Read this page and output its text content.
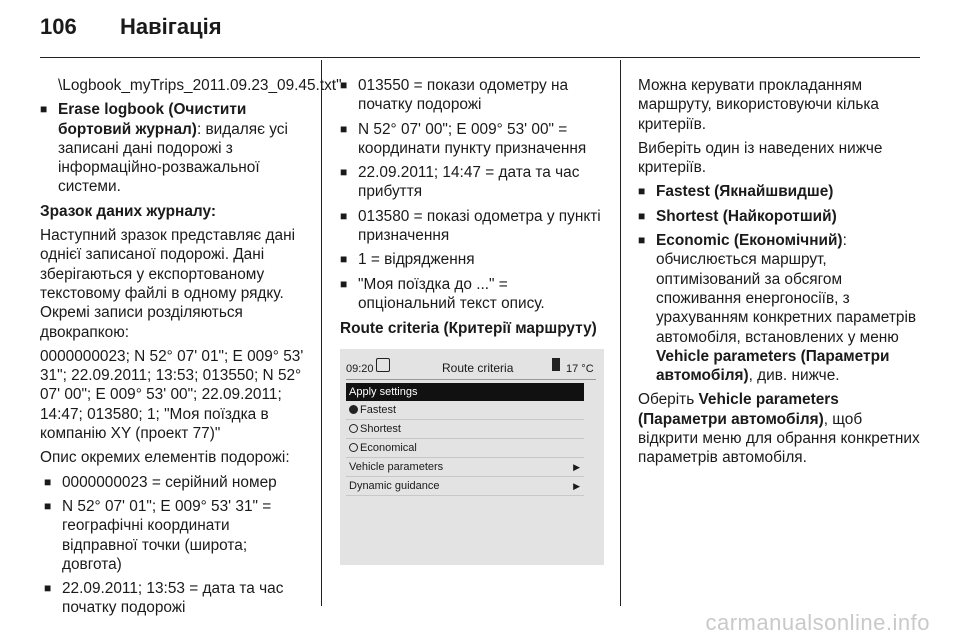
106 Навігація

\Logbook_myTrips_2011.09.23_09.45.txt"

■ Erase logbook (Очистити бортовий журнал): видаляє усі записані дані подорожі з інформаційно-розважальної системи.

Зразок даних журналу:

Наступний зразок представляє дані однієї записаної подорожі. Дані зберігаються у експортованому текстовому файлі в одному рядку. Окремі записи розділяються двокрапкою:

0000000023; N 52° 07' 01"; E 009° 53' 31"; 22.09.2011; 13:53; 013550; N 52° 07' 00"; E 009° 53' 00"; 22.09.2011; 14:47; 013580; 1; "Моя поїздка в компанію XY (проект 77)"

Опис окремих елементів подорожі:

■ 0000000023 = серійний номер
■ N 52° 07' 01"; E 009° 53' 31" = географічні координати відправної точки (широта; довгота)
■ 22.09.2011; 13:53 = дата та час початку подорожі
■ 013550 = покази одометру на початку подорожі
■ N 52° 07' 00"; E 009° 53' 00" = координати пункту призначення
■ 22.09.2011; 14:47 = дата та час прибуття
■ 013580 = показі одометра у пункті призначення
■ 1 = відрядження
■ "Моя поїздка до ..." = опціональний текст опису.
Route criteria (Критерії маршруту)
09:20	Route criteria	17 °C
Apply settings
Fastest
Shortest
Economical
Vehicle parameters	▶
Dynamic guidance	▶

Можна керувати прокладанням маршруту, використовуючи кілька критеріїв.

Виберіть один із наведених нижче критеріїв.

■ Fastest (Якнайшвидше)
■ Shortest (Найкоротший)
■ Economic (Економічний): обчислюється маршрут, оптимізований за обсягом споживання енергоносіїв, з урахуванням конкретних параметрів автомобіля, встановлених у меню Vehicle parameters (Параметри автомобіля), див. нижче.

Оберіть Vehicle parameters (Параметри автомобіля), щоб відкрити меню для обрання конкретних параметрів автомобіля.

carmanualsonline.info
